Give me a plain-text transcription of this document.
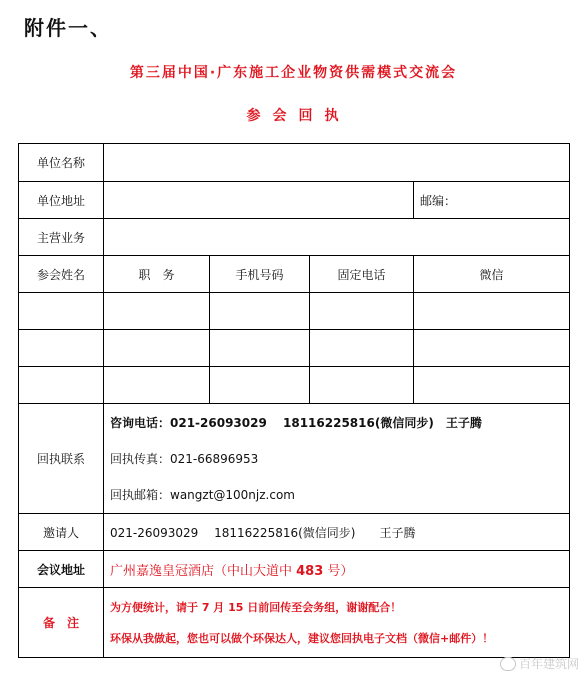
附件一、
第三届中国·广东施工企业物资供需模式交流会
参会回执
单位名称				
单位地址				邮编：
主营业务				
参会姓名	职　务	手机号码	固定电话	微信

回执联系	咨询电话：021-26093029　 18116225816(微信同步)　王子腾
回执传真：021-66896953
回执邮箱：wangzt@100njz.com			

邀请人	021-26093029　 18116225816(微信同步)　　王子腾			
会议地址	广州嘉逸皇冠酒店（中山大道中 483 号）			
备　注	为方便统计，请于 7 月 15 日前回传至会务组，谢谢配合！
环保从我做起，您也可以做个环保达人，建议您回执电子文档（微信+邮件）！			
百年建筑网
